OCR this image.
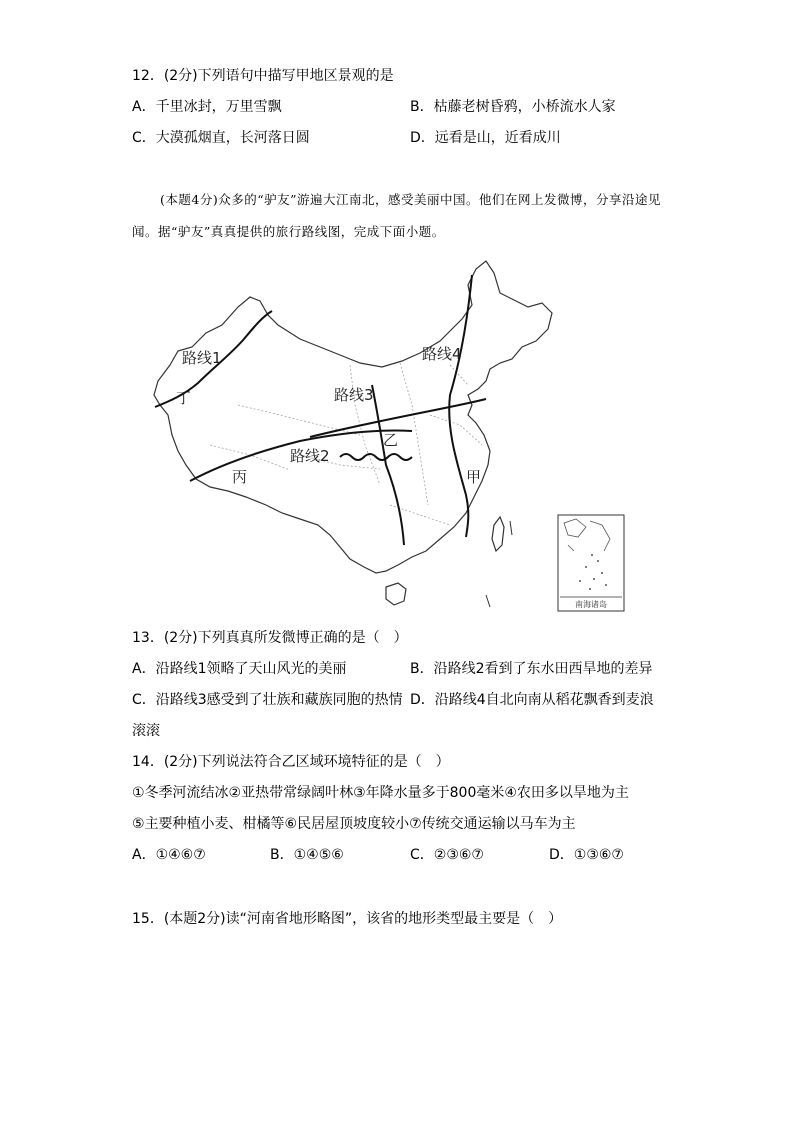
12．(2分)下列语句中描写甲地区景观的是
A．千里冰封，万里雪飘	B．枯藤老树昏鸦，小桥流水人家
C．大漠孤烟直，长河落日圆	D．远看是山，近看成川
(本题4分)众多的“驴友”游遍大江南北，感受美丽中国。他们在网上发微博，分享沿途见闻。据“驴友”真真提供的旅行路线图，完成下面小题。
路线1
路线2
路线3
路线4
甲
乙
丙
丁
南海诸岛
13．(2分)下列真真所发微博正确的是（　）
A．沿路线1领略了天山风光的美丽	B．沿路线2看到了东水田西旱地的差异
C．沿路线3感受到了壮族和藏族同胞的热情 D．沿路线4自北向南从稻花飘香到麦浪
滚滚
14．(2分)下列说法符合乙区域环境特征的是（　）
①冬季河流结冰②亚热带常绿阔叶林③年降水量多于800毫米④农田多以旱地为主
⑤主要种植小麦、柑橘等⑥民居屋顶坡度较小⑦传统交通运输以马车为主
A．①④⑥⑦	B．①④⑤⑥	C．②③⑥⑦	D．①③⑥⑦
15．(本题2分)读“河南省地形略图”，该省的地形类型最主要是（　）
